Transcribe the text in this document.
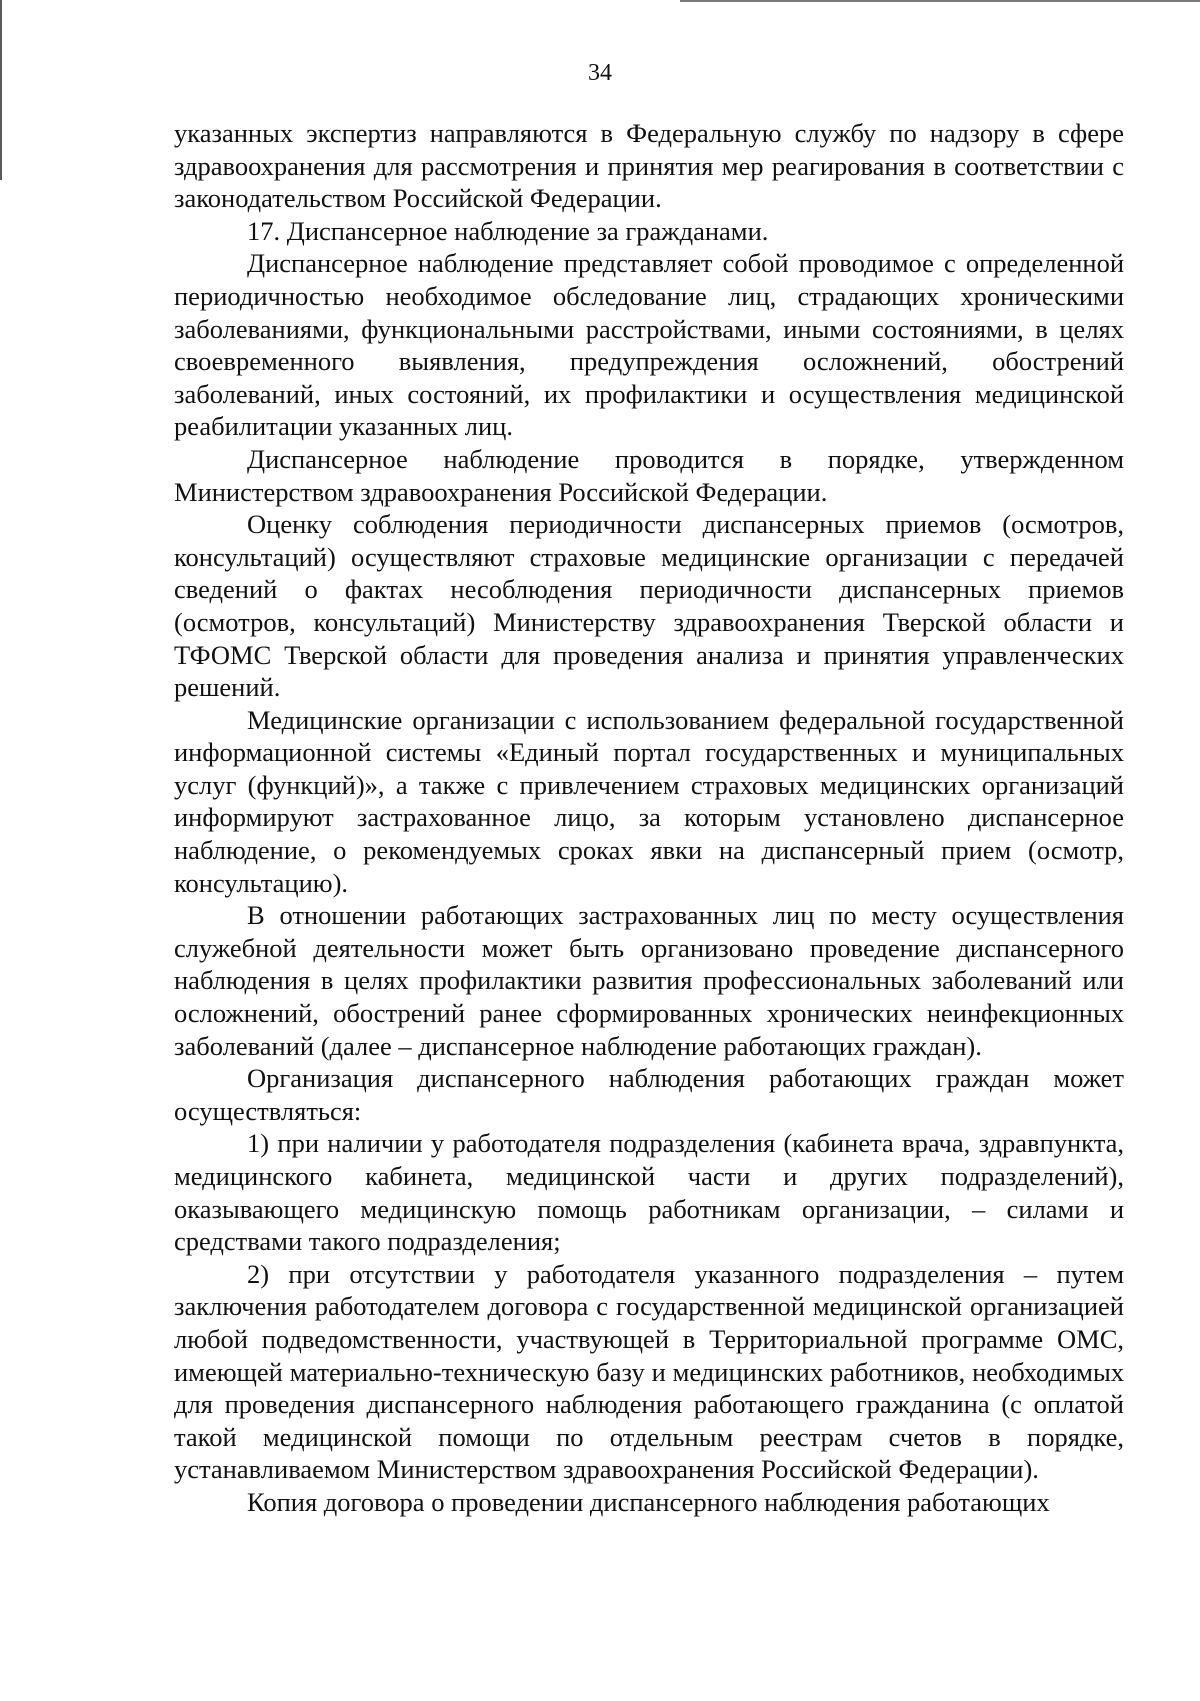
34

указанных экспертиз направляются в Федеральную службу по надзору в сфере здравоохранения для рассмотрения и принятия мер реагирования в соответствии с законодательством Российской Федерации.

17. Диспансерное наблюдение за гражданами.

Диспансерное наблюдение представляет собой проводимое с определенной периодичностью необходимое обследование лиц, страдающих хроническими заболеваниями, функциональными расстройствами, иными состояниями, в целях своевременного выявления, предупреждения осложнений, обострений заболеваний, иных состояний, их профилактики и осуществления медицинской реабилитации указанных лиц.

Диспансерное наблюдение проводится в порядке, утвержденном Министерством здравоохранения Российской Федерации.

Оценку соблюдения периодичности диспансерных приемов (осмотров, консультаций) осуществляют страховые медицинские организации с передачей сведений о фактах несоблюдения периодичности диспансерных приемов (осмотров, консультаций) Министерству здравоохранения Тверской области и ТФОМС Тверской области для проведения анализа и принятия управленческих решений.

Медицинские организации с использованием федеральной государственной информационной системы «Единый портал государственных и муниципальных услуг (функций)», а также с привлечением страховых медицинских организаций информируют застрахованное лицо, за которым установлено диспансерное наблюдение, о рекомендуемых сроках явки на диспансерный прием (осмотр, консультацию).

В отношении работающих застрахованных лиц по месту осуществления служебной деятельности может быть организовано проведение диспансерного наблюдения в целях профилактики развития профессиональных заболеваний или осложнений, обострений ранее сформированных хронических неинфекционных заболеваний (далее – диспансерное наблюдение работающих граждан).

Организация диспансерного наблюдения работающих граждан может осуществляться:

1) при наличии у работодателя подразделения (кабинета врача, здравпункта, медицинского кабинета, медицинской части и других подразделений), оказывающего медицинскую помощь работникам организации, – силами и средствами такого подразделения;

2) при отсутствии у работодателя указанного подразделения – путем заключения работодателем договора с государственной медицинской организацией любой подведомственности, участвующей в Территориальной программе ОМС, имеющей материально-техническую базу и медицинских работников, необходимых для проведения диспансерного наблюдения работающего гражданина (с оплатой такой медицинской помощи по отдельным реестрам счетов в порядке, устанавливаемом Министерством здравоохранения Российской Федерации).

Копия договора о проведении диспансерного наблюдения работающих
